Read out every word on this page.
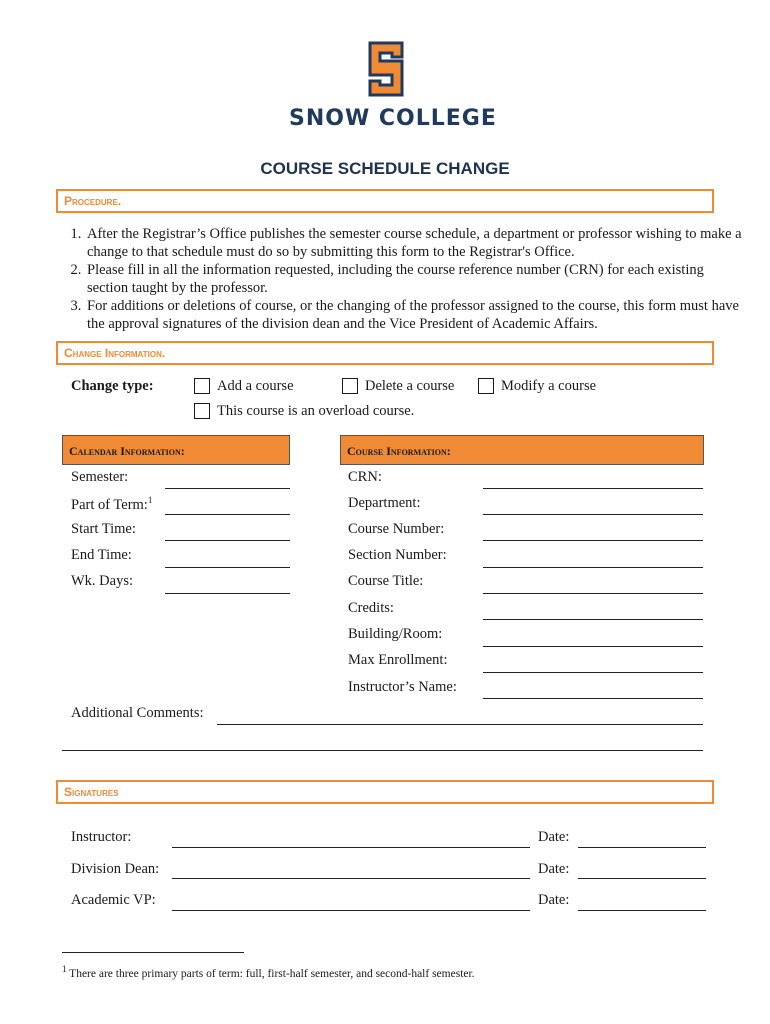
SNOW COLLEGE
COURSE SCHEDULE CHANGE
Procedure.
1. After the Registrar’s Office publishes the semester course schedule, a department or professor wishing to make a change to that schedule must do so by submitting this form to the Registrar's Office.
2. Please fill in all the information requested, including the course reference number (CRN) for each existing section taught by the professor.
3. For additions or deletions of course, or the changing of the professor assigned to the course, this form must have the approval signatures of the division dean and the Vice President of Academic Affairs.
Change Information.
Change type:	Add a course	Delete a course	Modify a course
This course is an overload course.
Calendar Information:	Course Information:
Semester:
Part of Term:$^1$
Start Time:
End Time:
Wk. Days:
CRN:
Department:
Course Number:
Section Number:
Course Title:
Credits:
Building/Room:
Max Enrollment:
Instructor’s Name:
Additional Comments:
Signatures
Instructor:	Date:
Division Dean:	Date:
Academic VP:	Date:
$^1$ There are three primary parts of term: full, first-half semester, and second-half semester.
